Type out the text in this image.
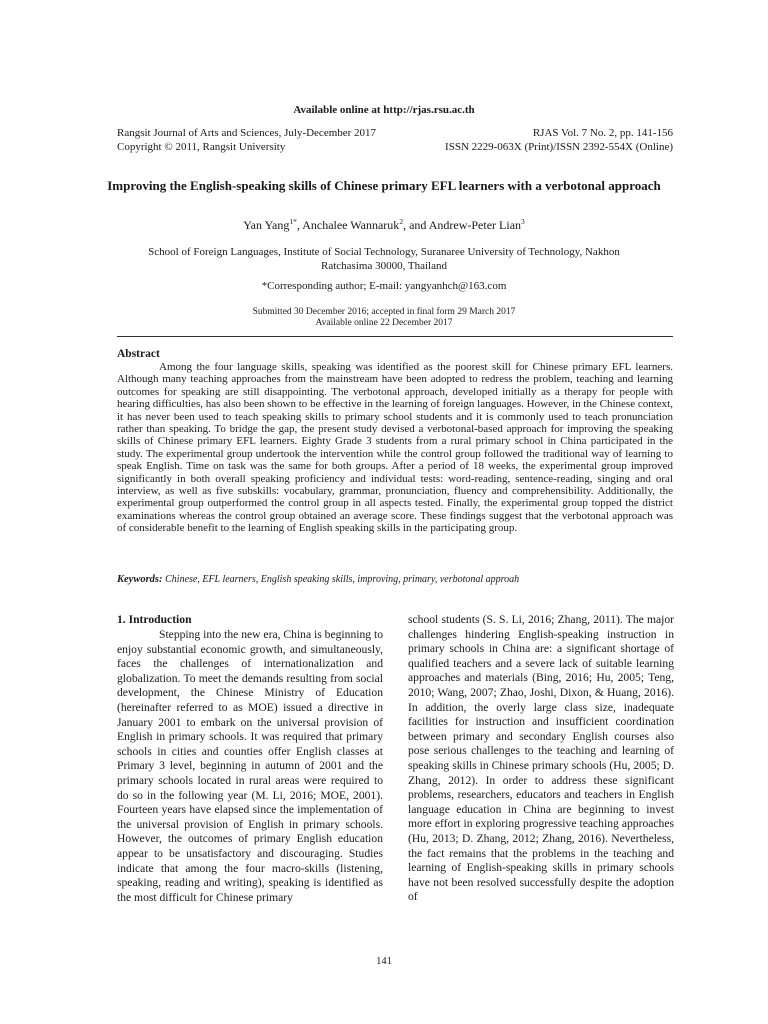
Available online at http://rjas.rsu.ac.th
Rangsit Journal of Arts and Sciences, July-December 2017	RJAS Vol. 7 No. 2, pp. 141-156
Copyright © 2011, Rangsit University	ISSN 2229-063X (Print)/ISSN 2392-554X (Online)
Improving the English-speaking skills of Chinese primary EFL learners with a verbotonal approach
Yan Yang$^{1*}$, Anchalee Wannaruk$^2$, and Andrew-Peter Lian$^3$
School of Foreign Languages, Institute of Social Technology, Suranaree University of Technology, Nakhon Ratchasima 30000, Thailand
*Corresponding author; E-mail: yangyanhch@163.com
Submitted 30 December 2016; accepted in final form 29 March 2017
Available online 22 December 2017
Abstract

Among the four language skills, speaking was identified as the poorest skill for Chinese primary EFL learners. Although many teaching approaches from the mainstream have been adopted to redress the problem, teaching and learning outcomes for speaking are still disappointing. The verbotonal approach, developed initially as a therapy for people with hearing difficulties, has also been shown to be effective in the learning of foreign languages. However, in the Chinese context, it has never been used to teach speaking skills to primary school students and it is commonly used to teach pronunciation rather than speaking. To bridge the gap, the present study devised a verbotonal-based approach for improving the speaking skills of Chinese primary EFL learners. Eighty Grade 3 students from a rural primary school in China participated in the study. The experimental group undertook the intervention while the control group followed the traditional way of learning to speak English. Time on task was the same for both groups. After a period of 18 weeks, the experimental group improved significantly in both overall speaking proficiency and individual tests: word-reading, sentence-reading, singing and oral interview, as well as five subskills: vocabulary, grammar, pronunciation, fluency and comprehensibility. Additionally, the experimental group outperformed the control group in all aspects tested. Finally, the experimental group topped the district examinations whereas the control group obtained an average score. These findings suggest that the verbotonal approach was of considerable benefit to the learning of English speaking skills in the participating group.

Keywords: Chinese, EFL learners, English speaking skills, improving, primary, verbotonal approah
1. Introduction

Stepping into the new era, China is beginning to enjoy substantial economic growth, and simultaneously, faces the challenges of internationalization and globalization. To meet the demands resulting from social development, the Chinese Ministry of Education (hereinafter referred to as MOE) issued a directive in January 2001 to embark on the universal provision of English in primary schools. It was required that primary schools in cities and counties offer English classes at Primary 3 level, beginning in autumn of 2001 and the primary schools located in rural areas were required to do so in the following year (M. Li, 2016; MOE, 2001). Fourteen years have elapsed since the implementation of the universal provision of English in primary schools. However, the outcomes of primary English education appear to be unsatisfactory and discouraging. Studies indicate that among the four macro-skills (listening, speaking, reading and writing), speaking is identified as the most difficult for Chinese primary

school students (S. S. Li, 2016; Zhang, 2011). The major challenges hindering English-speaking instruction in primary schools in China are: a significant shortage of qualified teachers and a severe lack of suitable learning approaches and materials (Bing, 2016; Hu, 2005; Teng, 2010; Wang, 2007; Zhao, Joshi, Dixon, & Huang, 2016). In addition, the overly large class size, inadequate facilities for instruction and insufficient coordination between primary and secondary English courses also pose serious challenges to the teaching and learning of speaking skills in Chinese primary schools (Hu, 2005; D. Zhang, 2012). In order to address these significant problems, researchers, educators and teachers in English language education in China are beginning to invest more effort in exploring progressive teaching approaches (Hu, 2013; D. Zhang, 2012; Zhang, 2016). Nevertheless, the fact remains that the problems in the teaching and learning of English-speaking skills in primary schools have not been resolved successfully despite the adoption of

141
